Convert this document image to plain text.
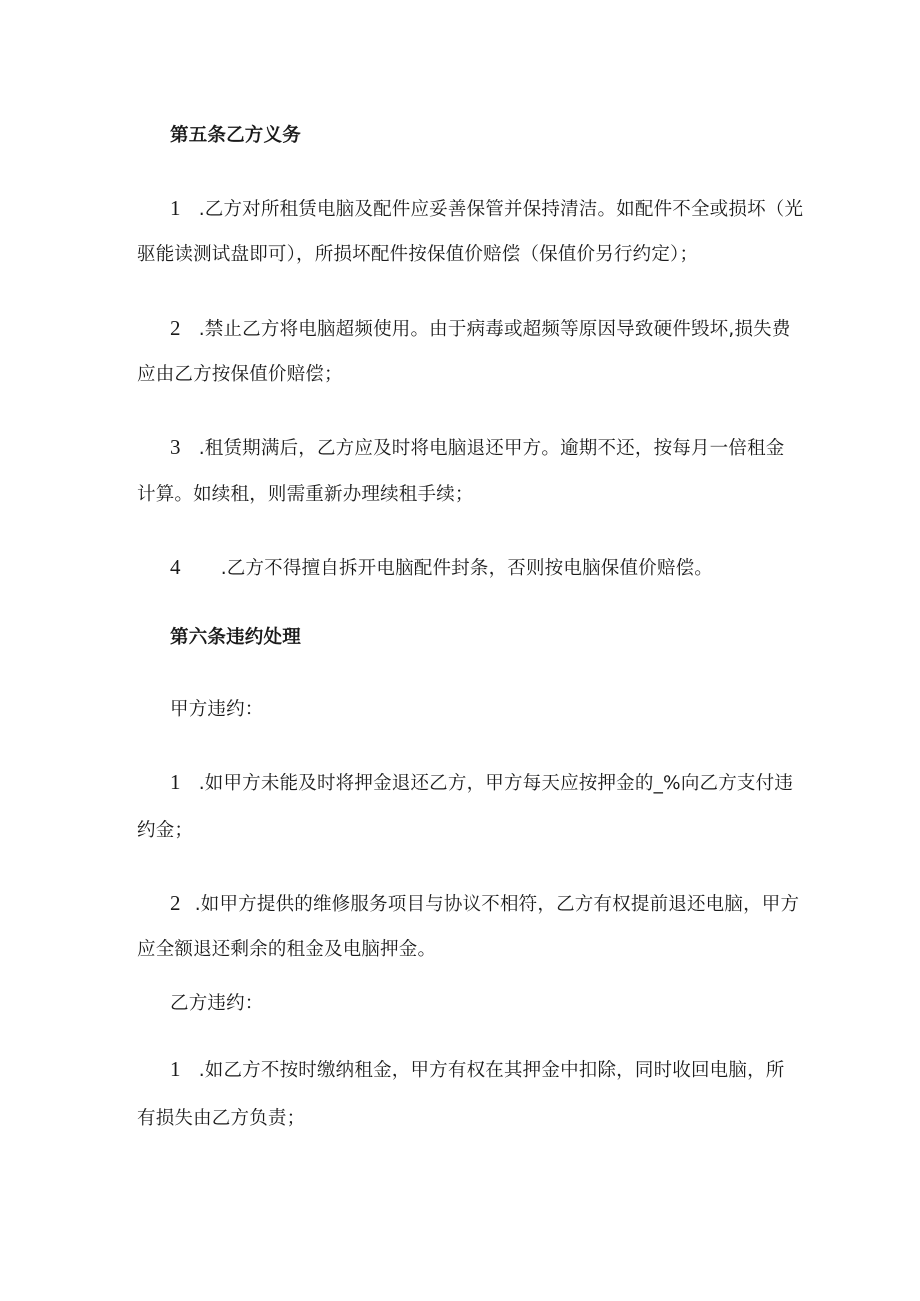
第五条乙方义务
1 .乙方对所租赁电脑及配件应妥善保管并保持清洁。如配件不全或损坏（光
驱能读测试盘即可），所损坏配件按保值价赔偿（保值价另行约定）；
2 .禁止乙方将电脑超频使用。由于病毒或超频等原因导致硬件毁坏,损失费
应由乙方按保值价赔偿；
3 .租赁期满后，乙方应及时将电脑退还甲方。逾期不还，按每月一倍租金
计算。如续租，则需重新办理续租手续；
4 .乙方不得擅自拆开电脑配件封条，否则按电脑保值价赔偿。
第六条违约处理
甲方违约：
1 .如甲方未能及时将押金退还乙方，甲方每天应按押金的_%向乙方支付违
约金；
2 .如甲方提供的维修服务项目与协议不相符，乙方有权提前退还电脑，甲方
应全额退还剩余的租金及电脑押金。
乙方违约：
1 .如乙方不按时缴纳租金，甲方有权在其押金中扣除，同时收回电脑，所
有损失由乙方负责；
